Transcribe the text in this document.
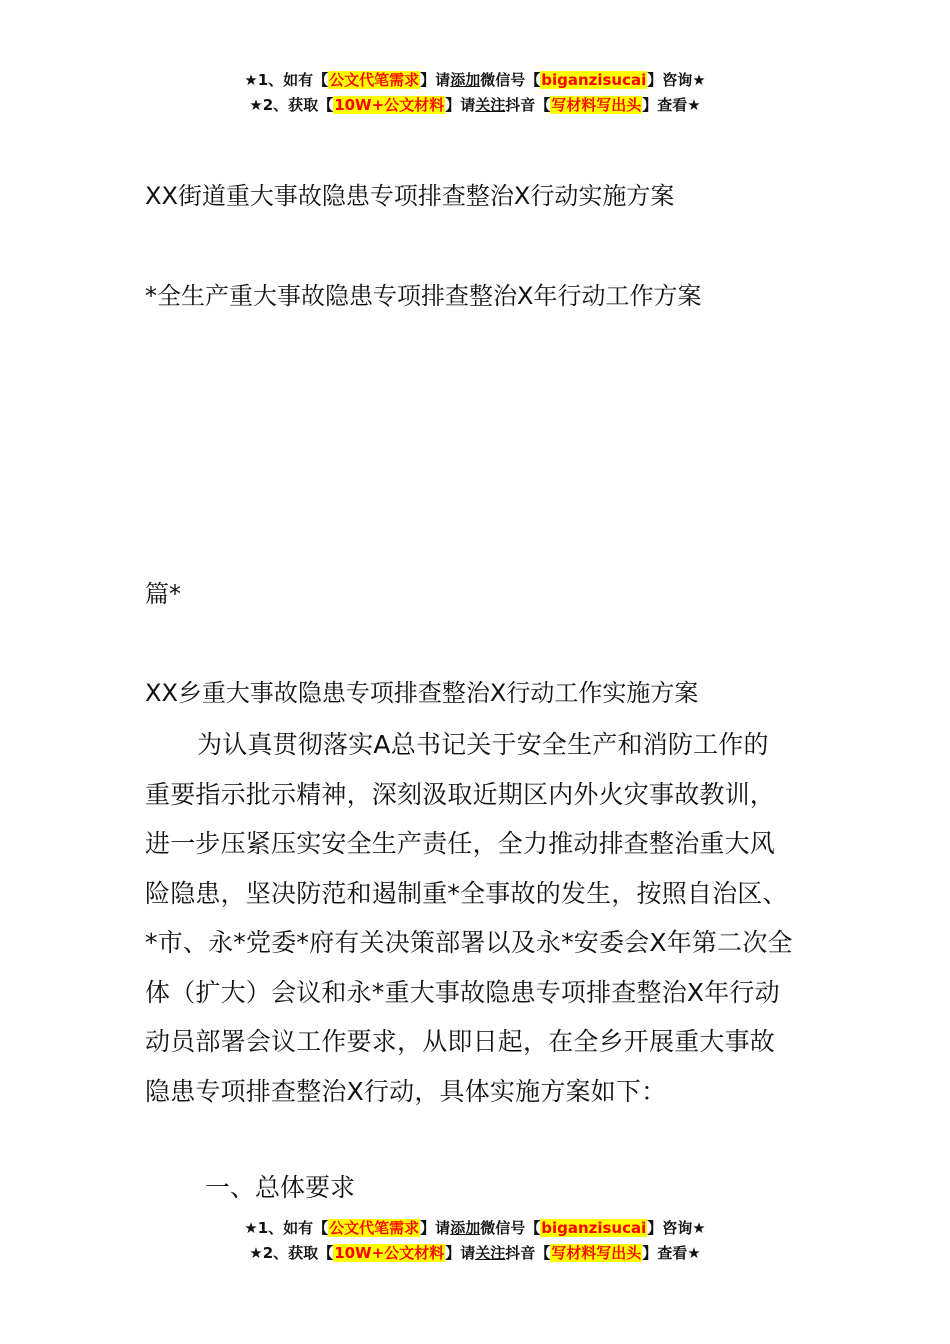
★1、如有【公文代笔需求】请添加微信号【biganzisucai】咨询★
★2、获取【10W+公文材料】请关注抖音【写材料写出头】查看★
XX街道重大事故隐患专项排查整治X行动实施方案
*全生产重大事故隐患专项排查整治X年行动工作方案
篇*
XX乡重大事故隐患专项排查整治X行动工作实施方案
为认真贯彻落实A总书记关于安全生产和消防工作的
重要指示批示精神，深刻汲取近期区内外火灾事故教训，
进一步压紧压实安全生产责任，全力推动排查整治重大风
险隐患，坚决防范和遏制重*全事故的发生，按照自治区、
*市、永*党委*府有关决策部署以及永*安委会X年第二次全
体（扩大）会议和永*重大事故隐患专项排查整治X年行动
动员部署会议工作要求，从即日起，在全乡开展重大事故
隐患专项排查整治X行动，具体实施方案如下：
一、总体要求
★1、如有【公文代笔需求】请添加微信号【biganzisucai】咨询★
★2、获取【10W+公文材料】请关注抖音【写材料写出头】查看★
